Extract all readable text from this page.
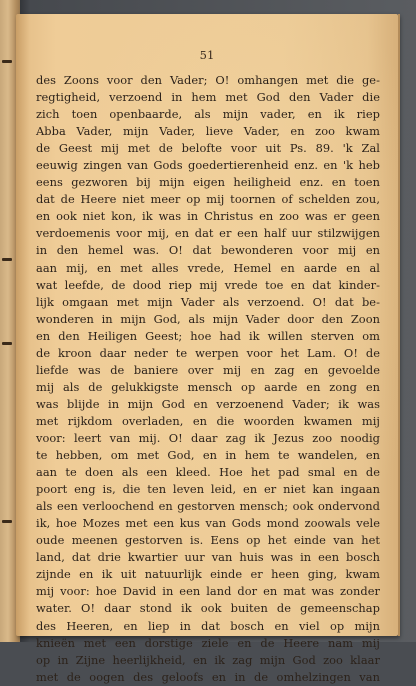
51
des Zoons voor den Vader; O! omhangen met die ge-
regtigheid, verzoend in hem met God den Vader die
zich toen openbaarde, als mijn vader, en ik riep
Abba Vader, mijn Vader, lieve Vader, en zoo kwam
de Geest mij met de belofte voor uit Ps. 89. 'k Zal
eeuwig zingen van Gods goedertierenheid enz. en 'k heb
eens gezworen bij mijn eigen heiligheid enz. en toen
dat de Heere niet meer op mij toornen of schelden zou,
en ook niet kon, ik was in Christus en zoo was er geen
verdoemenis voor mij, en dat er een half uur stilzwijgen
in den hemel was. O! dat bewonderen voor mij en
aan mij, en met alles vrede, Hemel en aarde en al
wat leefde, de dood riep mij vrede toe en dat kinder-
lijk omgaan met mijn Vader als verzoend. O! dat be-
wonderen in mijn God, als mijn Vader door den Zoon
en den Heiligen Geest; hoe had ik willen sterven om
de kroon daar neder te werpen voor het Lam. O! de
liefde was de baniere over mij en zag en gevoelde
mij als de gelukkigste mensch op aarde en zong en
was blijde in mijn God en verzoenend Vader; ik was
met rijkdom overladen, en die woorden kwamen mij
voor: leert van mij. O! daar zag ik Jezus zoo noodig
te hebben, om met God, en in hem te wandelen, en
aan te doen als een kleed. Hoe het pad smal en de
poort eng is, die ten leven leid, en er niet kan ingaan
als een verloochend en gestorven mensch; ook ondervond
ik, hoe Mozes met een kus van Gods mond zoowals vele
oude meenen gestorven is. Eens op het einde van het
land, dat drie kwartier uur van huis was in een bosch
zijnde en ik uit natuurlijk einde er heen ging, kwam
mij voor: hoe David in een land dor en mat was zonder
water. O! daar stond ik ook buiten de gemeenschap
des Heeren, en liep in dat bosch en viel op mijn
knieën met een dorstige ziele en de Heere nam mij
op in Zijne heerlijkheid, en ik zag mijn God zoo klaar
met de oogen des geloofs en in de omhelzingen van
